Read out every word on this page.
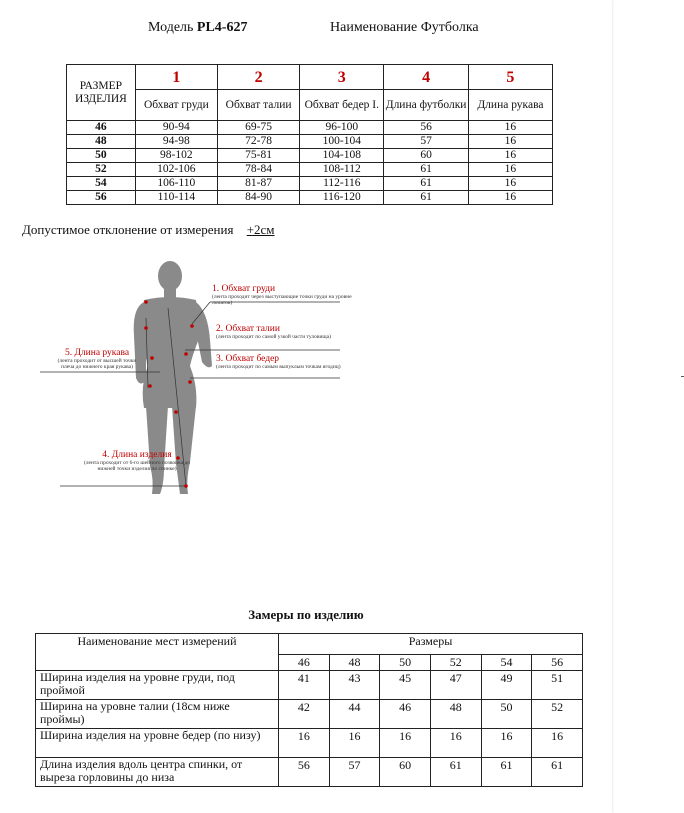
Модель PL4-627	Наименование Футболка
РАЗМЕР ИЗДЕЛИЯ	1	2	3	4	5
	Обхват груди	Обхват талии	Обхват бедер I.	Длина футболки	Длина рукава
46	90-94	69-75	96-100	56	16
48	94-98	72-78	100-104	57	16
50	98-102	75-81	104-108	60	16
52	102-106	78-84	108-112	61	16
54	106-110	81-87	112-116	61	16
56	110-114	84-90	116-120	61	16
Допустимое отклонение от измерения +2см
1. Обхват груди
(лента проходит через выступающие точки груди на уровне лопаток)
2. Обхват талии
(лента проходит по самой узкой части туловища)
3. Обхват бедер
(лента проходит по самым выпуклым точкам ягодиц)
5. Длина рукава
(лента проходит от высшей точки плеча до нижнего края рукава)
4. Длина изделия
(лента проходит от 6-го шейного позвонка до нижней точки изделия по спинке)
Замеры по изделию
Наименование мест измерений	Размеры					
	46	48	50	52	54	56
Ширина изделия на уровне груди, под проймой	41	43	45	47	49	51
Ширина на уровне талии (18см ниже проймы)	42	44	46	48	50	52
Ширина изделия на уровне бедер (по низу)	16	16	16	16	16	16
Длина изделия вдоль центра спинки, от выреза горловины до низа	56	57	60	61	61	61
